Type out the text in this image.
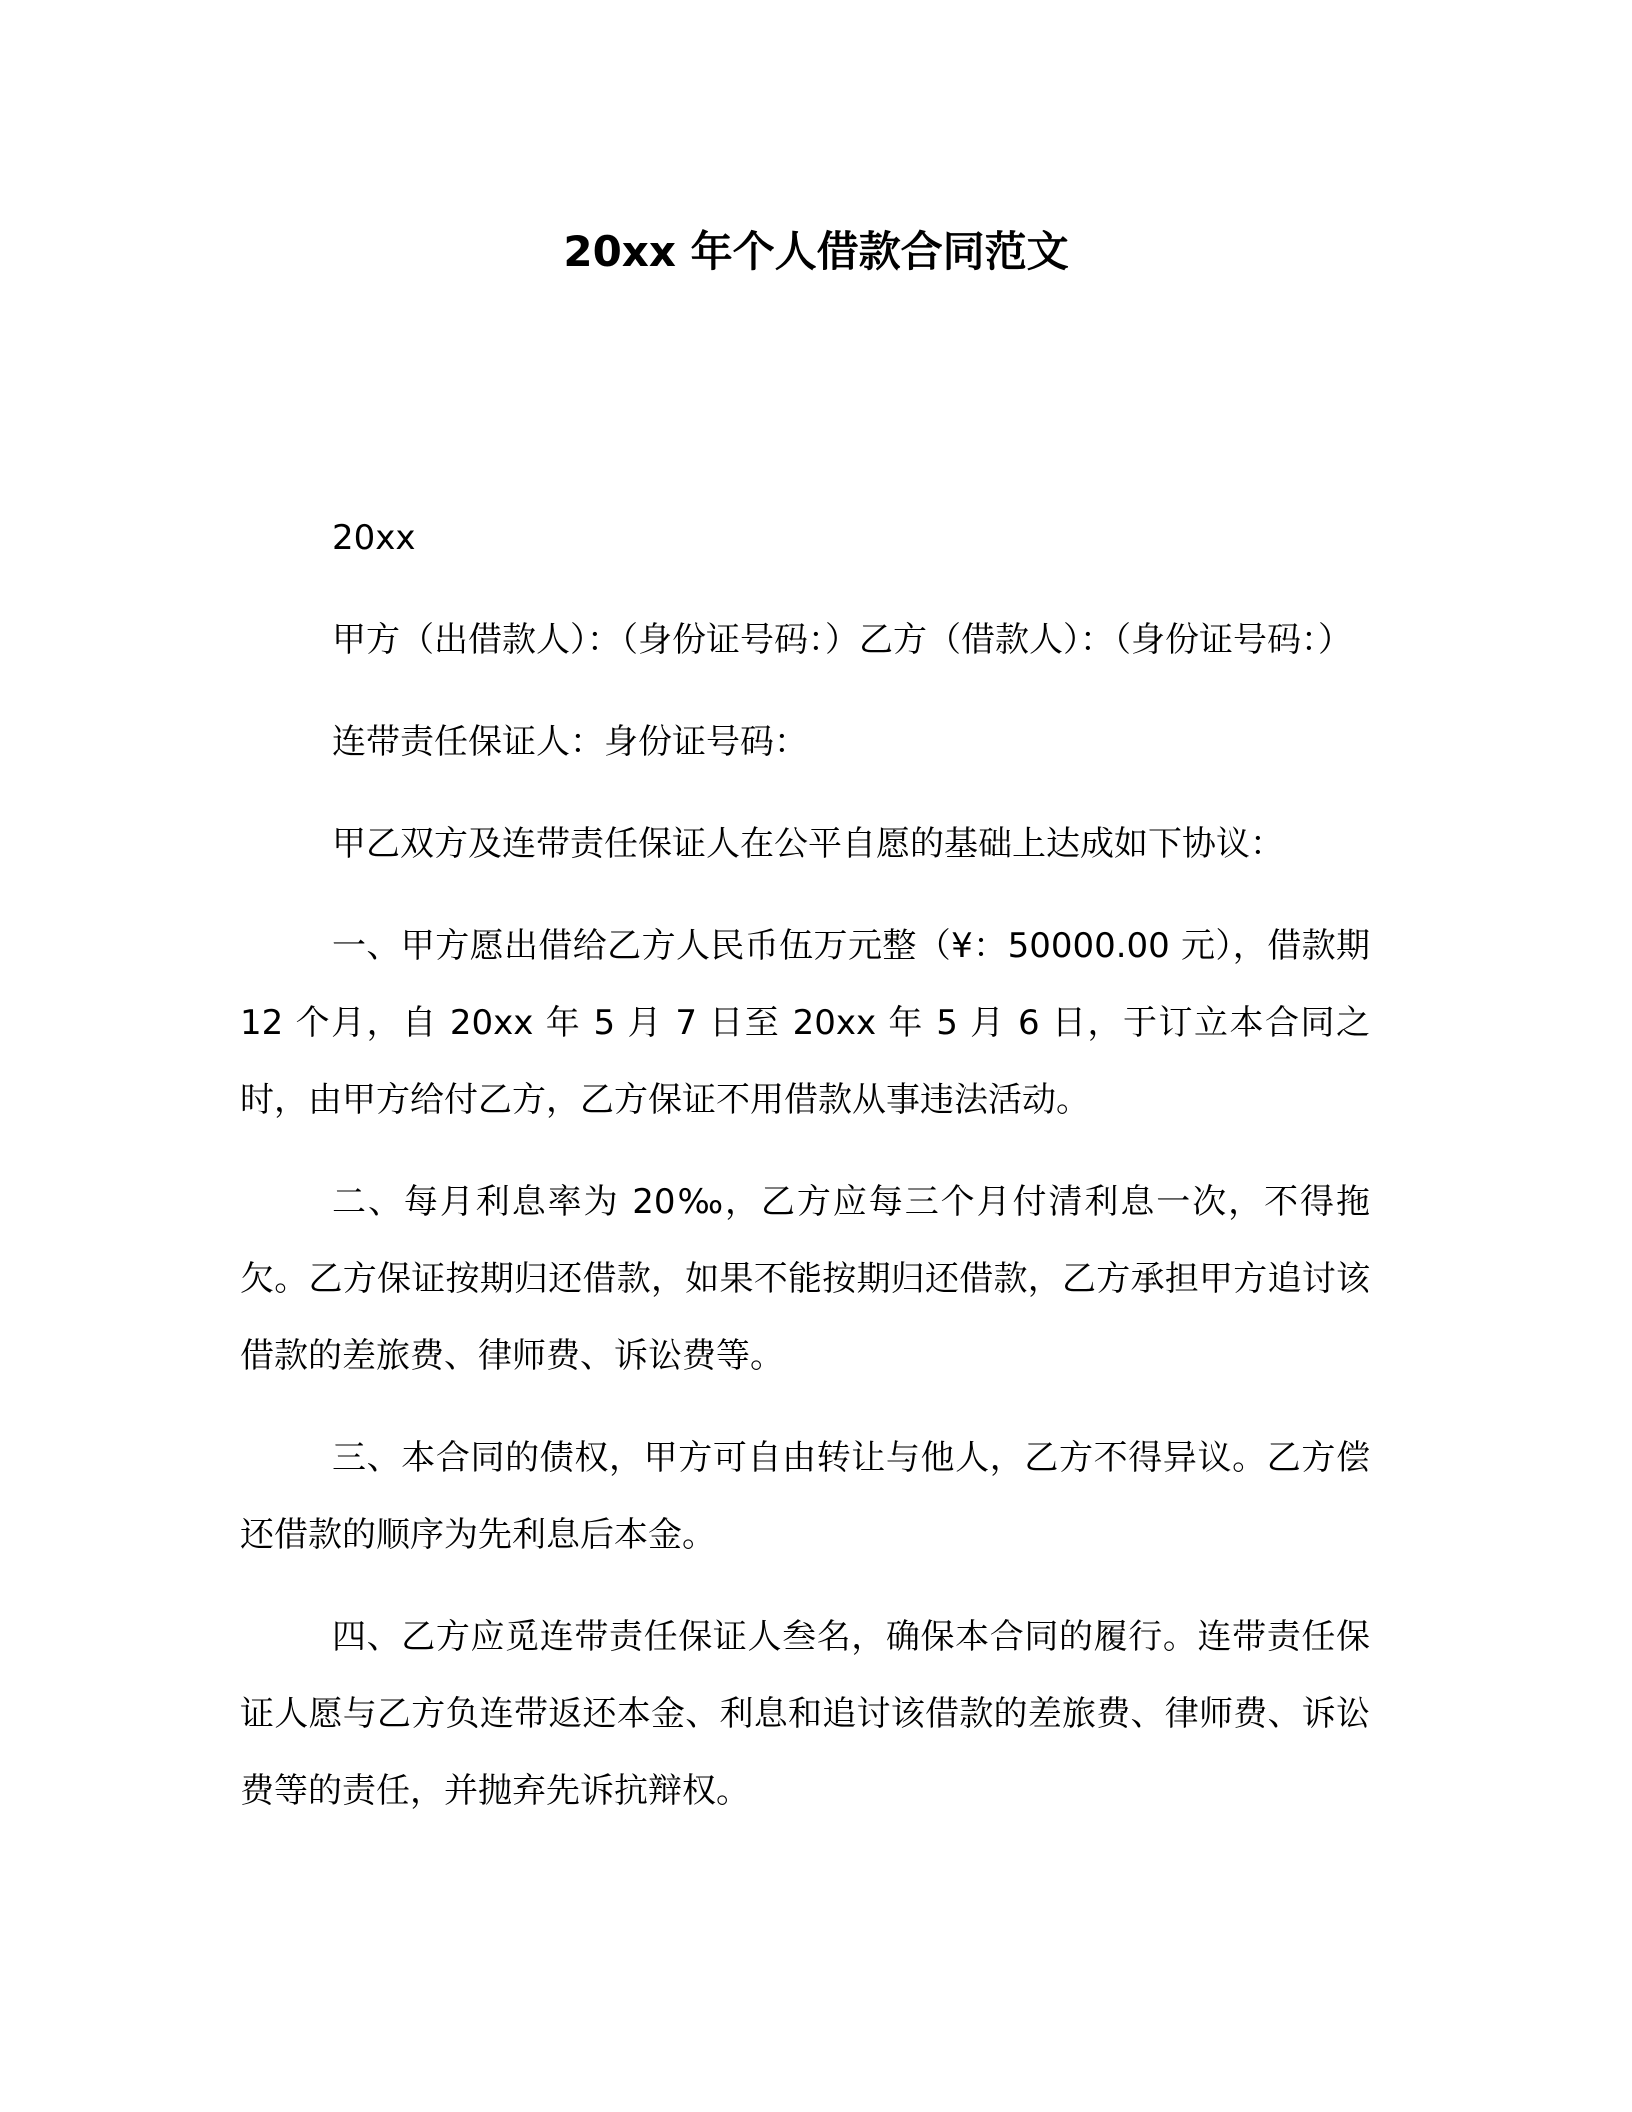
20xx 年个人借款合同范文

20xx

甲方（出借款人）：（身份证号码：）乙方（借款人）：（身份证号码：）

连带责任保证人：身份证号码：

甲乙双方及连带责任保证人在公平自愿的基础上达成如下协议：

一、甲方愿出借给乙方人民币伍万元整（¥：50000.00 元），借款期 12 个月，自 20xx 年 5 月 7 日至 20xx 年 5 月 6 日，于订立本合同之时，由甲方给付乙方，乙方保证不用借款从事违法活动。

二、每月利息率为 20‰，乙方应每三个月付清利息一次，不得拖欠。乙方保证按期归还借款，如果不能按期归还借款，乙方承担甲方追讨该借款的差旅费、律师费、诉讼费等。

三、本合同的债权，甲方可自由转让与他人，乙方不得异议。乙方偿还借款的顺序为先利息后本金。

四、乙方应觅连带责任保证人叁名，确保本合同的履行。连带责任保证人愿与乙方负连带返还本金、利息和追讨该借款的差旅费、律师费、诉讼费等的责任，并抛弃先诉抗辩权。
